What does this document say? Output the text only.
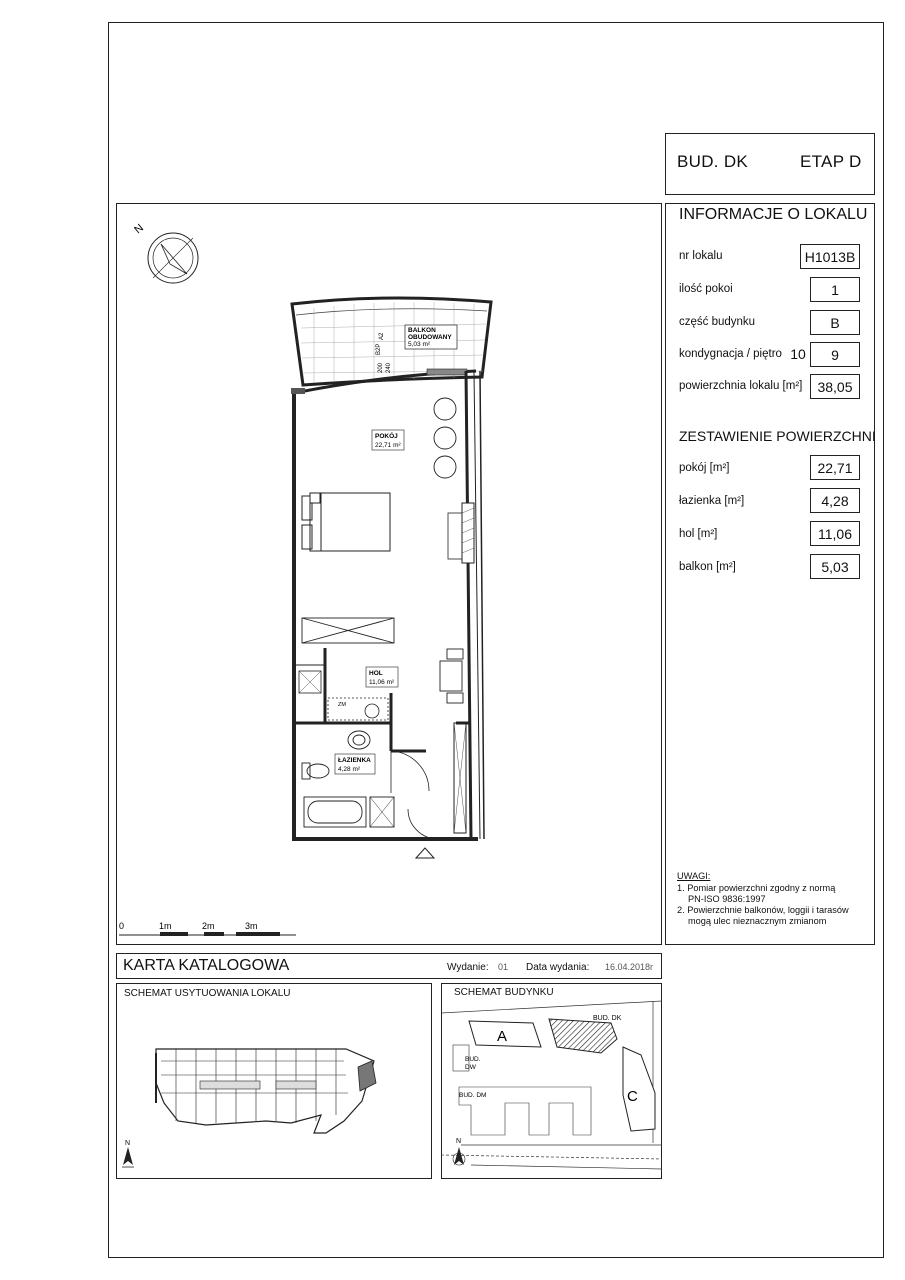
BUD. DK	ETAP D
INFORMACJE O LOKALU
nr lokalu	H1013B
ilość pokoi	1
część budynku	B
kondygnacja / piętro 10	9
powierzchnia lokalu [m²]	38,05
ZESTAWIENIE POWIERZCHNI
pokój [m²]	22,71
łazienka [m²]	4,28
hol [m²]	11,06
balkon [m²]	5,03
UWAGI:
1. Pomiar powierzchni zgodny z normą
PN-ISO 9836:1997
2. Powierzchnie balkonów, loggii i tarasów
mogą ulec nieznacznym zmianom
N
BALKON
OBUDOWANY
5,03 m²
A2
B2P
200 240
POKÓJ
22,71 m²
HOL
11,06 m²
ŁAZIENKA
4,28 m²
ZM
0	1m	2m	3m
KARTA KATALOGOWA	Wydanie: 01 Data wydania: 16.04.2018r
SCHEMAT USYTUOWANIA LOKALU
N
SCHEMAT BUDYNKU
A
BUD. DK
C
BUD.
DW
BUD. DM
N
